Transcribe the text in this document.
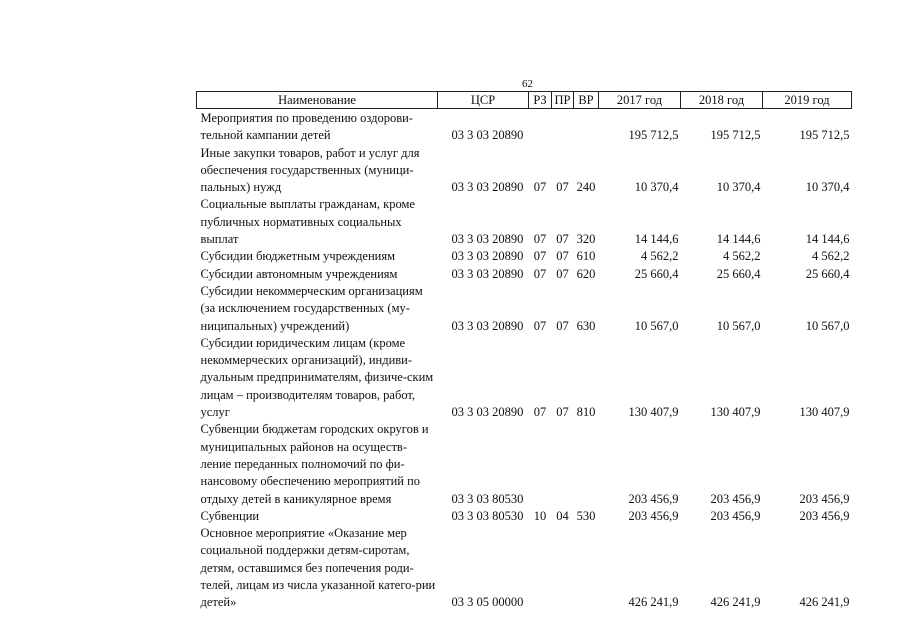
62
Наименование	ЦСР	РЗ	ПР	ВР	2017 год	2018 год	2019 год
Мероприятия по проведению оздорови-тельной кампании детей	03 3 03 20890				195 712,5	195 712,5	195 712,5
Иные закупки товаров, работ и услуг для обеспечения государственных (муници-пальных) нужд	03 3 03 20890	07	07	240	10 370,4	10 370,4	10 370,4
Социальные выплаты гражданам, кроме публичных нормативных социальных выплат	03 3 03 20890	07	07	320	14 144,6	14 144,6	14 144,6
Субсидии бюджетным учреждениям	03 3 03 20890	07	07	610	4 562,2	4 562,2	4 562,2
Субсидии автономным учреждениям	03 3 03 20890	07	07	620	25 660,4	25 660,4	25 660,4
Субсидии некоммерческим организациям (за исключением государственных (му-ниципальных) учреждений)	03 3 03 20890	07	07	630	10 567,0	10 567,0	10 567,0
Субсидии юридическим лицам (кроме некоммерческих организаций), индиви-дуальным предпринимателям, физиче-ским лицам – производителям товаров, работ, услуг	03 3 03 20890	07	07	810	130 407,9	130 407,9	130 407,9
Субвенции бюджетам городских округов и муниципальных районов на осуществ-ление переданных полномочий по фи-нансовому обеспечению мероприятий по отдыху детей в каникулярное время	03 3 03 80530				203 456,9	203 456,9	203 456,9
Субвенции	03 3 03 80530	10	04	530	203 456,9	203 456,9	203 456,9
Основное мероприятие «Оказание мер социальной поддержки детям-сиротам, детям, оставшимся без попечения роди-телей, лицам из числа указанной катего-рии детей»	03 3 05 00000				426 241,9	426 241,9	426 241,9
